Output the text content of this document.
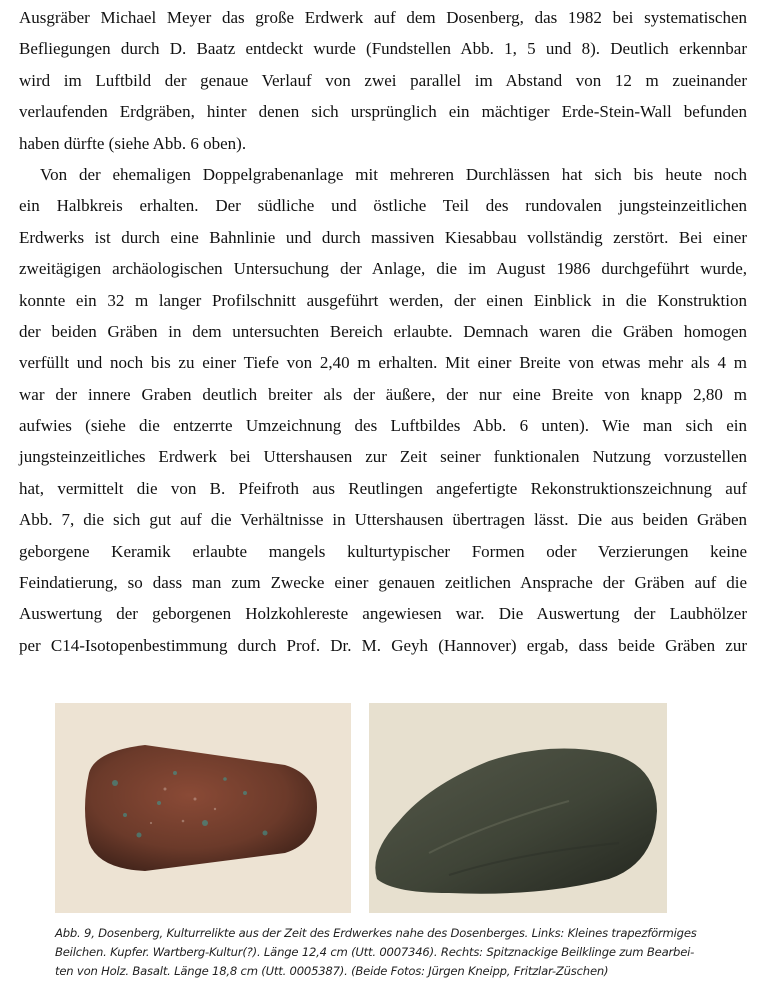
Ausgräber Michael Meyer das große Erdwerk auf dem Dosenberg, das 1982 bei systematischen
Befliegungen durch D. Baatz entdeckt wurde (Fundstellen Abb. 1, 5 und 8). Deutlich erkennbar
wird im Luftbild der genaue Verlauf von zwei parallel im Abstand von 12 m zueinander
verlaufenden Erdgräben, hinter denen sich ursprünglich ein mächtiger Erde-Stein-Wall befunden
haben dürfte (siehe Abb. 6 oben).
Von der ehemaligen Doppelgrabenanlage mit mehreren Durchlässen hat sich bis heute noch
ein Halbkreis erhalten. Der südliche und östliche Teil des rundovalen jungsteinzeitlichen
Erdwerks ist durch eine Bahnlinie und durch massiven Kiesabbau vollständig zerstört. Bei einer
zweitägigen archäologischen Untersuchung der Anlage, die im August 1986 durchgeführt wurde,
konnte ein 32 m langer Profilschnitt ausgeführt werden, der einen Einblick in die Konstruktion
der beiden Gräben in dem untersuchten Bereich erlaubte. Demnach waren die Gräben homogen
verfüllt und noch bis zu einer Tiefe von 2,40 m erhalten. Mit einer Breite von etwas mehr als 4 m
war der innere Graben deutlich breiter als der äußere, der nur eine Breite von knapp 2,80 m
aufwies (siehe die entzerrte Umzeichnung des Luftbildes Abb. 6 unten). Wie man sich ein
jungsteinzeitliches Erdwerk bei Uttershausen zur Zeit seiner funktionalen Nutzung vorzustellen
hat, vermittelt die von B. Pfeifroth aus Reutlingen angefertigte Rekonstruktionszeichnung auf
Abb. 7, die sich gut auf die Verhältnisse in Uttershausen übertragen lässt. Die aus beiden Gräben
geborgene Keramik erlaubte mangels kulturtypischer Formen oder Verzierungen keine
Feindatierung, so dass man zum Zwecke einer genauen zeitlichen Ansprache der Gräben auf die
Auswertung der geborgenen Holzkohlereste angewiesen war. Die Auswertung der Laubhölzer
per C14-Isotopenbestimmung durch Prof. Dr. M. Geyh (Hannover) ergab, dass beide Gräben zur
Abb. 9, Dosenberg, Kulturrelikte aus der Zeit des Erdwerkes nahe des Dosenberges. Links: Kleines trapezförmiges
Beilchen. Kupfer. Wartberg-Kultur(?). Länge 12,4 cm (Utt. 0007346). Rechts: Spitznackige Beilklinge zum Bearbei-
ten von Holz. Basalt. Länge 18,8 cm (Utt. 0005387). (Beide Fotos: Jürgen Kneipp, Fritzlar-Züschen)
